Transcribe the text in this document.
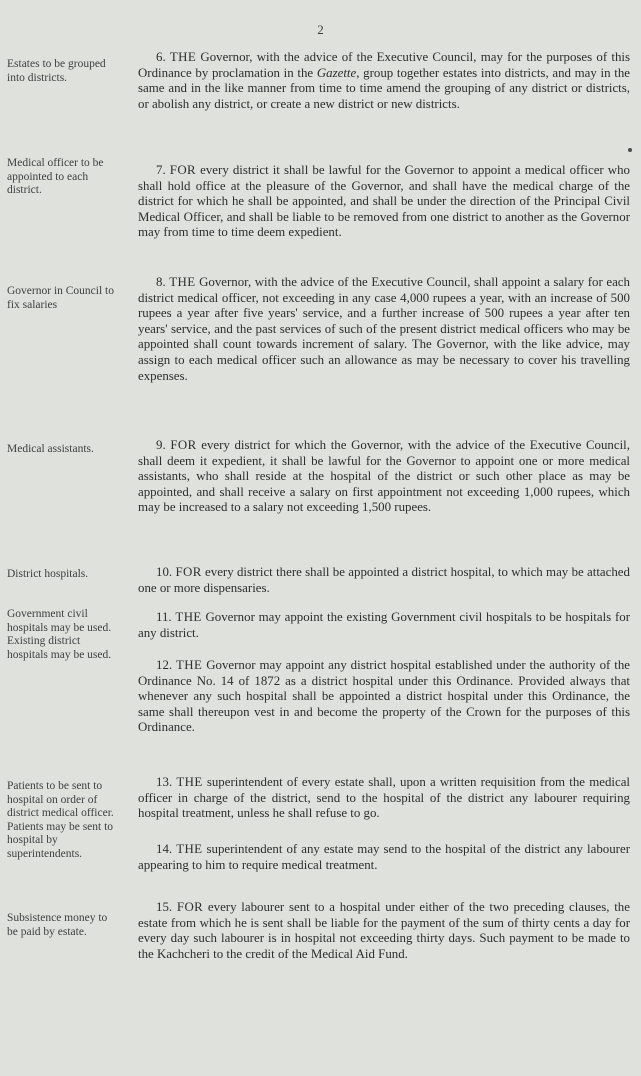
2
Estates to be grouped into districts.
6. THE Governor, with the advice of the Executive Council, may for the purposes of this Ordinance by proclamation in the Gazette, group together estates into districts, and may in the same and in the like manner from time to time amend the grouping of any district or districts, or abolish any district, or create a new district or new districts.
Medical officer to be appointed to each district.
7. FOR every district it shall be lawful for the Governor to appoint a medical officer who shall hold office at the pleasure of the Governor, and shall have the medical charge of the district for which he shall be appointed, and shall be under the direction of the Principal Civil Medical Officer, and shall be liable to be removed from one district to another as the Governor may from time to time deem expedient.
Governor in Council to fix salaries
8. THE Governor, with the advice of the Executive Council, shall appoint a salary for each district medical officer, not exceeding in any case 4,000 rupees a year, with an increase of 500 rupees a year after five years' service, and a further increase of 500 rupees a year after ten years' service, and the past services of such of the present district medical officers who may be appointed shall count towards increment of salary. The Governor, with the like advice, may assign to each medical officer such an allowance as may be necessary to cover his travelling expenses.
Medical assistants.	9. FOR every district for which the Governor, with the advice of the Executive Council, shall deem it expedient, it shall be lawful for the Governor to appoint one or more medical assistants, who shall reside at the hospital of the district or such other place as may be appointed, and shall receive a salary on first appointment not exceeding 1,000 rupees, which may be increased to a salary not exceeding 1,500 rupees.
District hospitals.	10. FOR every district there shall be appointed a district hospital, to which may be attached one or more dispensaries.
Government civil hospitals may be used. Existing district hospitals may be used.
11. THE Governor may appoint the existing Government civil hospitals to be hospitals for any district.
12. THE Governor may appoint any district hospital established under the authority of the Ordinance No. 14 of 1872 as a district hospital under this Ordinance. Provided always that whenever any such hospital shall be appointed a district hospital under this Ordinance, the same shall thereupon vest in and become the property of the Crown for the purposes of this Ordinance.
Patients to be sent to hospital on order of district medical officer. Patients may be sent to hospital by superintendents.
13. THE superintendent of every estate shall, upon a written requisition from the medical officer in charge of the district, send to the hospital of the district any labourer requiring hospital treatment, unless he shall refuse to go.
14. THE superintendent of any estate may send to the hospital of the district any labourer appearing to him to require medical treatment.
Subsistence money to be paid by estate.
15. FOR every labourer sent to a hospital under either of the two preceding clauses, the estate from which he is sent shall be liable for the payment of the sum of thirty cents a day for every day such labourer is in hospital not exceeding thirty days. Such payment to be made to the Kachcheri to the credit of the Medical Aid Fund.
